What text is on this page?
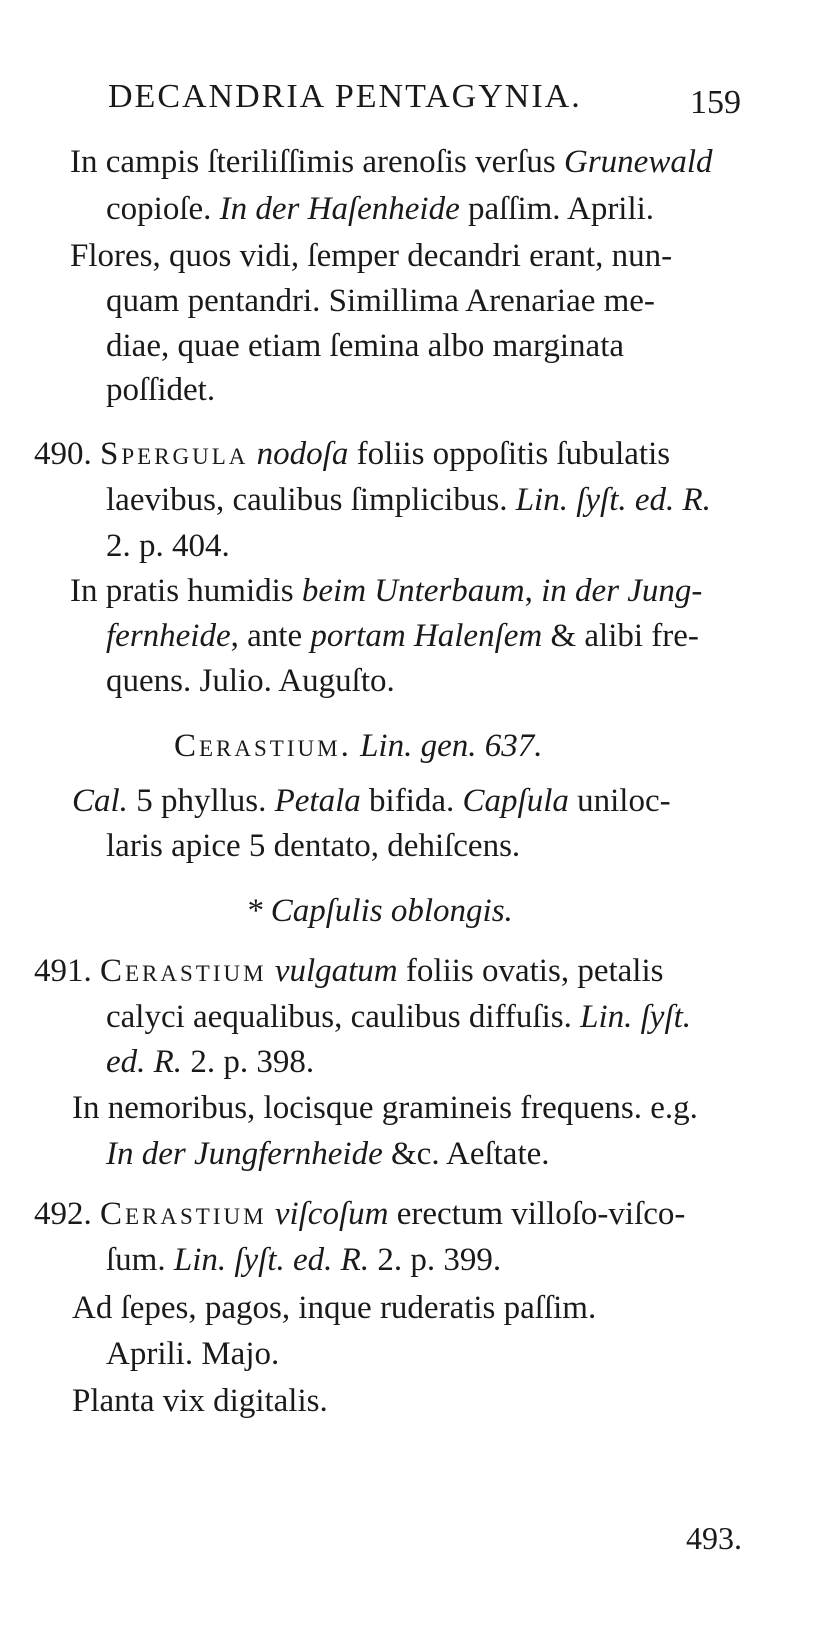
DECANDRIA PENTAGYNIA.	159
In campis ſteriliſſimis arenoſis verſus Grunewald
copioſe. In der Haſenheide paſſim. Aprili.
Flores, quos vidi, ſemper decandri erant, nun-
quam pentandri. Simillima Arenariae me-
diae, quae etiam ſemina albo marginata
poſſidet.
490. Spergula nodoſa foliis oppoſitis ſubulatis
laevibus, caulibus ſimplicibus. Lin. ſyſt. ed. R.
2. p. 404.
In pratis humidis beim Unterbaum, in der Jung-
fernheide, ante portam Halenſem & alibi fre-
quens. Julio. Auguſto.
Cerastium. Lin. gen. 637.
Cal. 5 phyllus. Petala bifida. Capſula uniloc-
laris apice 5 dentato, dehiſcens.
* Capſulis oblongis.
491. Cerastium vulgatum foliis ovatis, petalis
calyci aequalibus, caulibus diffuſis. Lin. ſyſt.
ed. R. 2. p. 398.
In nemoribus, locisque gramineis frequens. e.g.
In der Jungfernheide &c. Aeſtate.
492. Cerastium viſcoſum erectum villoſo-viſco-
ſum. Lin. ſyſt. ed. R. 2. p. 399.
Ad ſepes, pagos, inque ruderatis paſſim.
Aprili. Majo.
Planta vix digitalis.
493.
